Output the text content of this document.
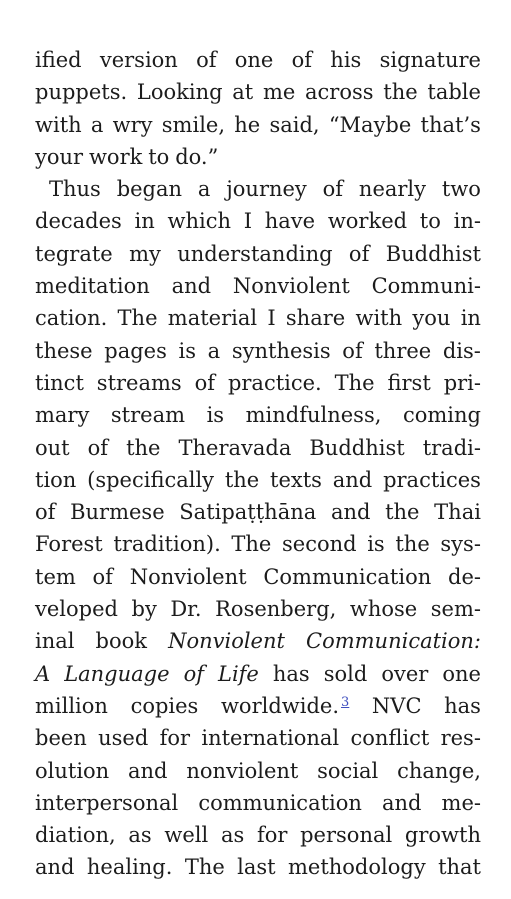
ified version of one of his signature
puppets. Looking at me across the table
with a wry smile, he said, “Maybe that’s
your work to do.”
Thus began a journey of nearly two
decades in which I have worked to in-
tegrate my understanding of Buddhist
meditation and Nonviolent Communi-
cation. The material I share with you in
these pages is a synthesis of three dis-
tinct streams of practice. The first pri-
mary stream is mindfulness, coming
out of the Theravada Buddhist tradi-
tion (specifically the texts and practices
of Burmese Satipaṭṭhāna and the Thai
Forest tradition). The second is the sys-
tem of Nonviolent Communication de-
veloped by Dr. Rosenberg, whose sem-
inal book Nonviolent Communication:
A Language of Life has sold over one
million copies worldwide. $^3$ NVC has
been used for international conflict res-
olution and nonviolent social change,
interpersonal communication and me-
diation, as well as for personal growth
and healing. The last methodology that
